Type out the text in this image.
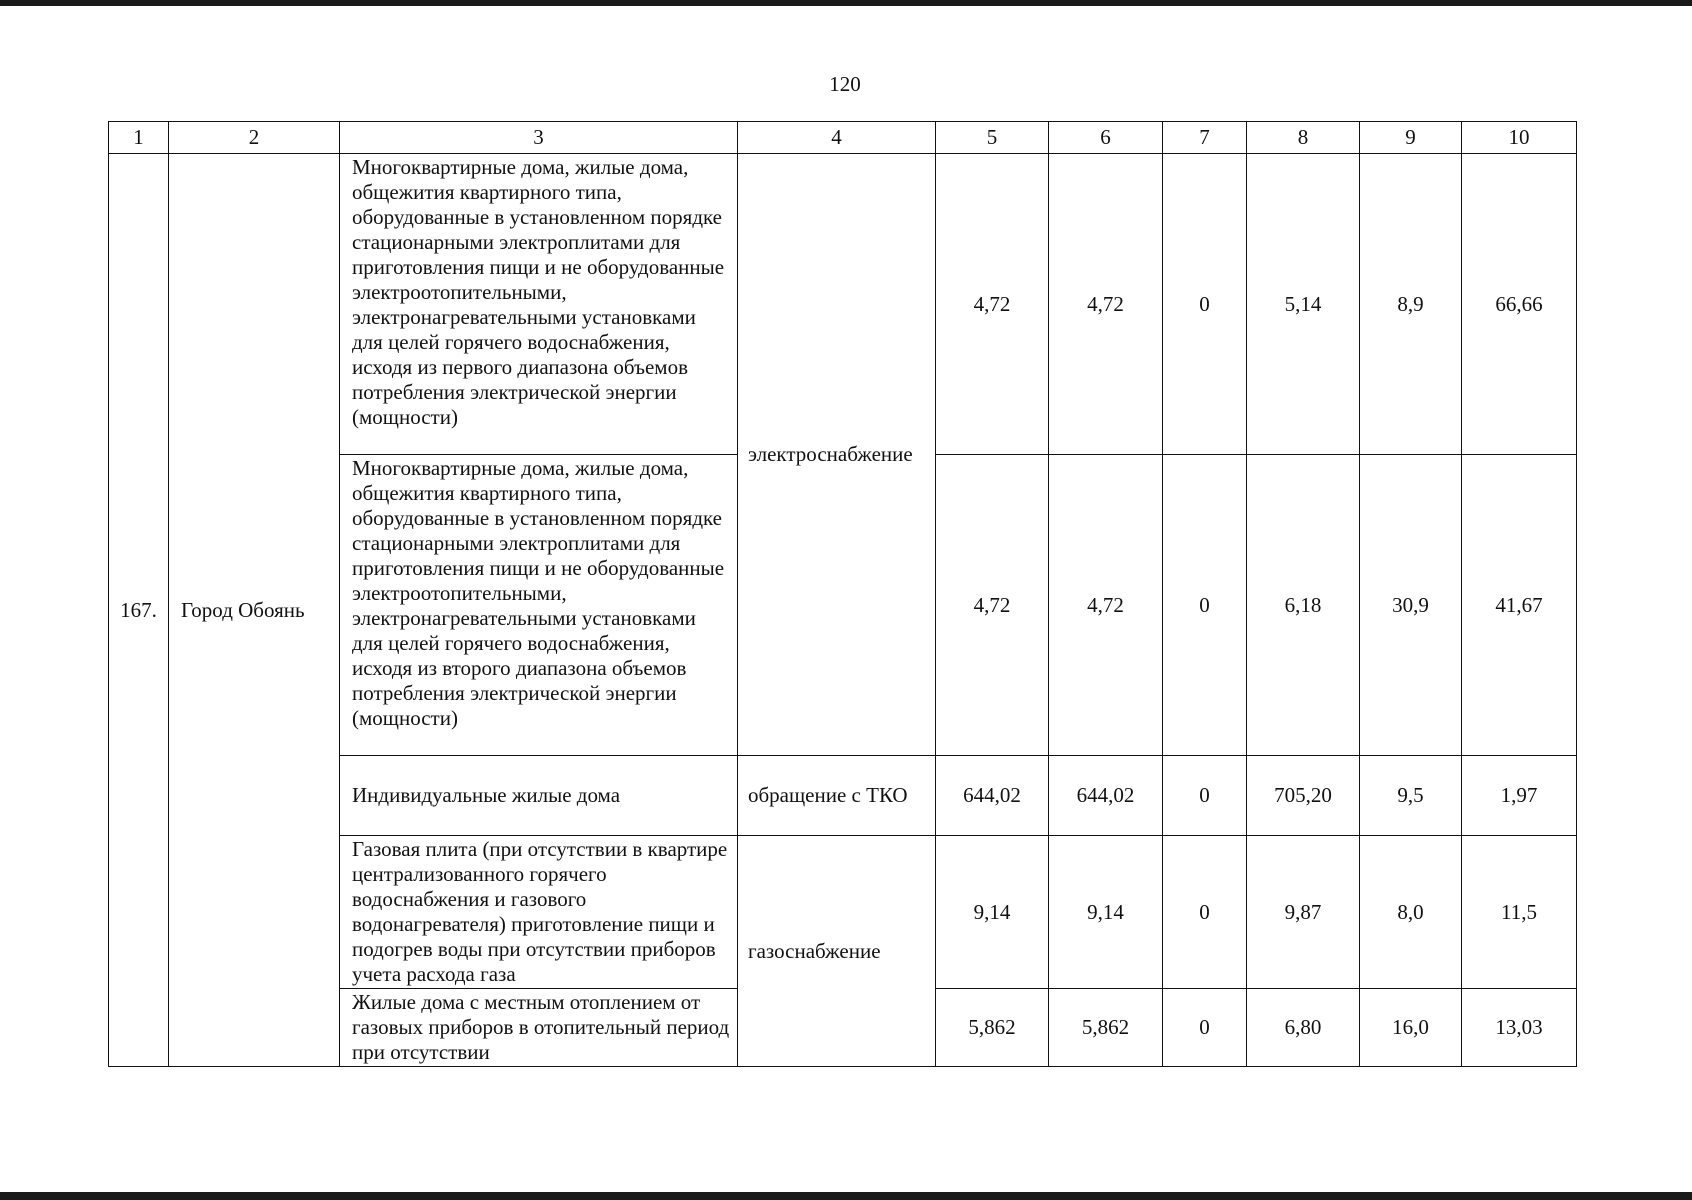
120
1	2	3	4	5	6	7	8	9	10
167.	Город Обоянь	Многоквартирные дома, жилые дома, общежития квартирного типа, оборудованные в установленном порядке стационарными электроплитами для приготовления пищи и не оборудованные электроотопительными, электронагревательными установками для целей горячего водоснабжения, исходя из первого диапазона объемов потребления электрической энергии (мощности)	электроснабжение	4,72	4,72	0	5,14	8,9	66,66
		Многоквартирные дома, жилые дома, общежития квартирного типа, оборудованные в установленном порядке стационарными электроплитами для приготовления пищи и не оборудованные электроотопительными, электронагревательными установками для целей горячего водоснабжения, исходя из второго диапазона объемов потребления электрической энергии (мощности)		4,72	4,72	0	6,18	30,9	41,67
		Индивидуальные жилые дома	обращение с ТКО	644,02	644,02	0	705,20	9,5	1,97
		Газовая плита (при отсутствии в квартире централизованного горячего водоснабжения и газового водонагревателя) приготовление пищи и подогрев воды при отсутствии приборов учета расхода газа	газоснабжение	9,14	9,14	0	9,87	8,0	11,5
		Жилые дома с местным отоплением от газовых приборов в отопительный период при отсутствии		5,862	5,862	0	6,80	16,0	13,03
